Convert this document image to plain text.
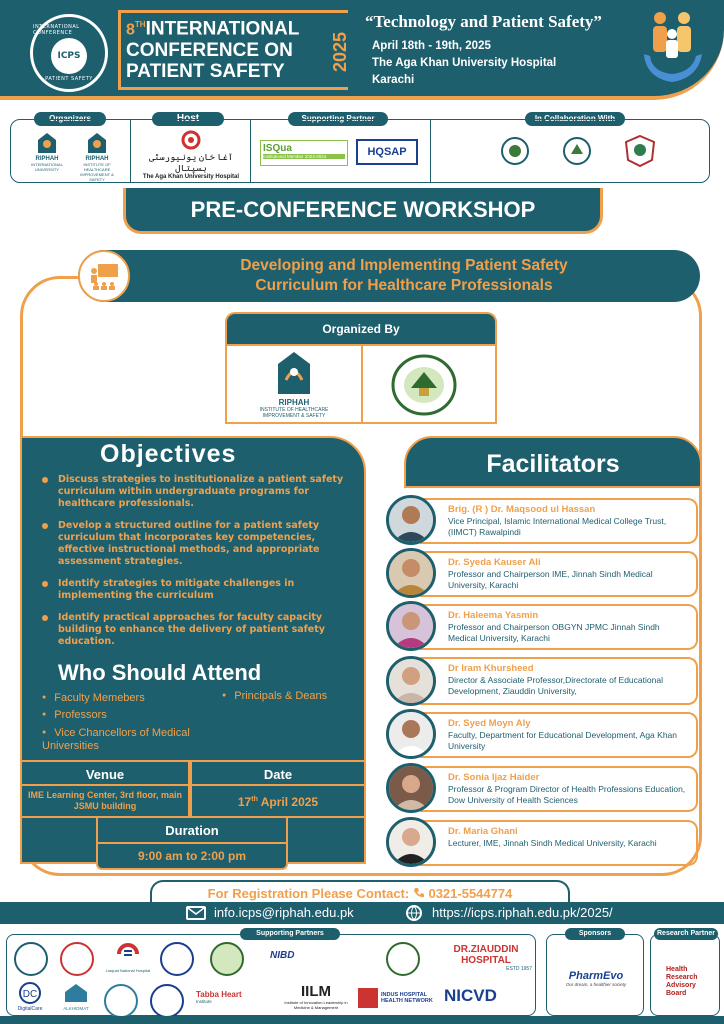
INTERNATIONAL CONFERENCE
ICPS
PATIENT SAFETY
8THINTERNATIONAL
CONFERENCE ON
PATIENT SAFETY	2025
“Technology and Patient Safety”
April 18th - 19th, 2025
The Aga Khan University Hospital
Karachi
Organizers	Host	Supporting Partner	In Collaboration With
RIPHAH
INTERNATIONAL UNIVERSITY
RIPHAH
INSTITUTE OF HEALTHCARE IMPROVEMENT & SAFETY
آغا خان یونیورسٹی ہسپتال
The Aga Khan University Hospital
ISQua
Institutional Member 2023-2024	HQSAP
PRE-CONFERENCE WORKSHOP
Developing and Implementing Patient Safety
Curriculum for Healthcare Professionals
Organized By
RIPHAH
INSTITUTE OF HEALTHCARE IMPROVEMENT & SAFETY
Objectives
Discuss strategies to institutionalize a patient safety curriculum within undergraduate programs for healthcare professionals.
Develop a structured outline for a patient safety curriculum that incorporates key competencies, effective instructional methods, and appropriate assessment strategies.
Identify strategies to mitigate challenges in implementing the curriculum
Identify practical approaches for faculty capacity building to enhance the delivery of patient safety education.
Who Should Attend
● Faculty Memebers
● Professors
● Vice Chancellors of Medical Universities
● Principals & Deans
Venue	Date
IME Learning Center, 3rd floor, main JSMU building	17th April 2025
Duration
9:00 am to 2:00 pm
Facilitators
Brig. (R ) Dr. Maqsood ul Hassan
Vice Principal, Islamic International Medical College Trust, (IIMCT) Rawalpindi
Dr. Syeda Kauser Ali
Professor and Chairperson IME, Jinnah Sindh Medical University, Karachi
Dr. Haleema Yasmin
Professor and Chairperson OBGYN JPMC Jinnah Sindh Medical University, Karachi
Dr Iram Khursheed
Director & Associate Professor,Directorate of Educational Development, Ziauddin University,
Dr. Syed Moyn Aly
Faculty, Department for Educational Development, Aga Khan University
Dr. Sonia Ijaz Haider
Professor & Program Director of Health Professions Education, Dow University of Health Sciences
Dr. Maria Ghani
Lecturer, IME, Jinnah Sindh Medical University, Karachi
For Registration Please Contact: 0321-5544774
info.icps@riphah.edu.pk	https://icps.riphah.edu.pk/2025/
Supporting Partners	Sponsors	Research Partner
Liaquat National Hospital
NIBD
DR.ZIAUDDIN HOSPITAL
ESTD 1957
DC
DigitalCare	ALKHIDMAT
Tabba Heart
Institute
IILM
Institute of Innovation Leadership in Medicine & Management
INDUS HOSPITAL
HEALTH NETWORK NICVD
PharmEvo
Our dream, a healthier society
Health
Research
Advisory
Board
